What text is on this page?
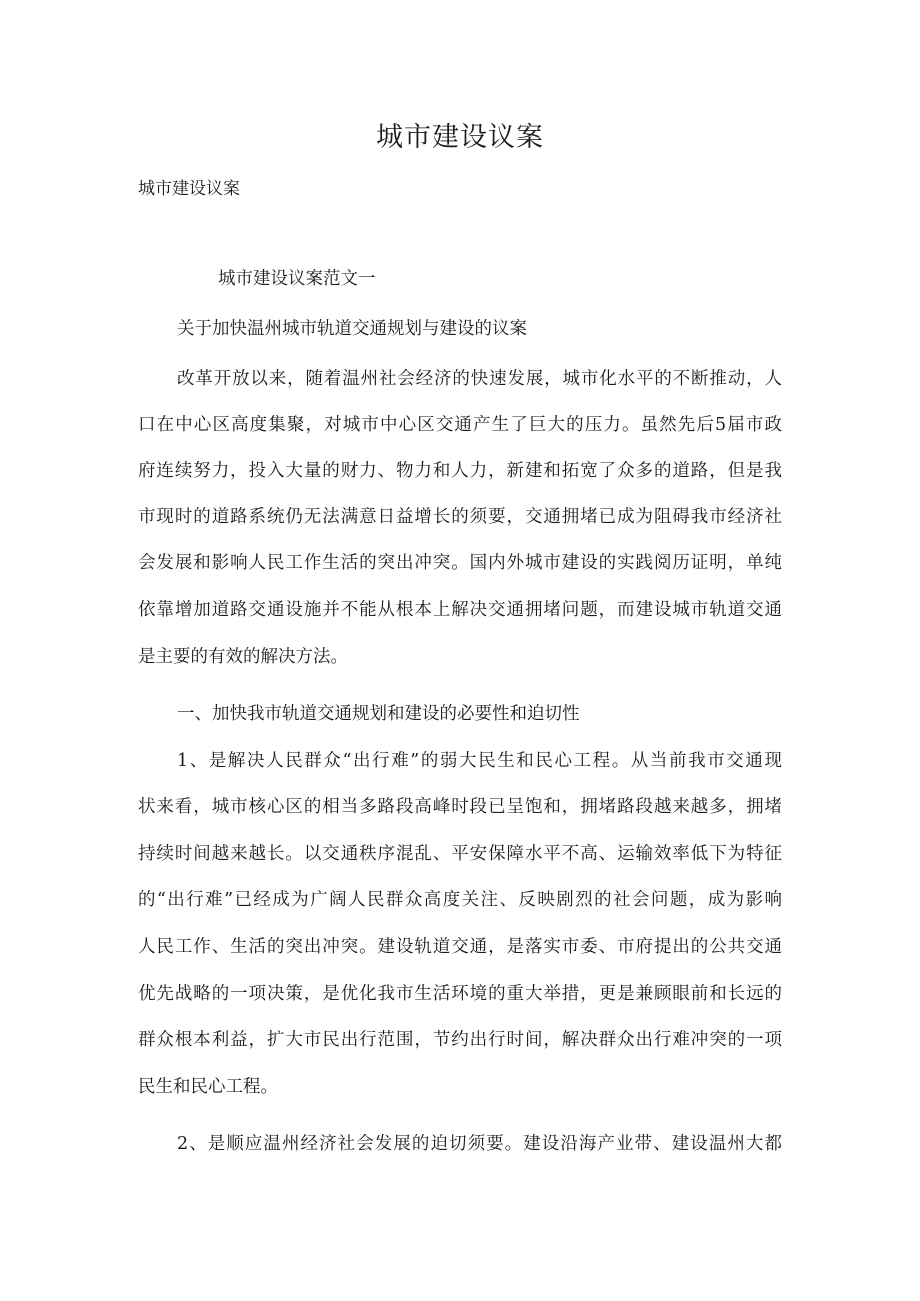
城市建设议案
城市建设议案
城市建设议案范文一
关于加快温州城市轨道交通规划与建设的议案
改革开放以来，随着温州社会经济的快速发展，城市化水平的不断推动，人
口在中心区高度集聚，对城市中心区交通产生了巨大的压力。虽然先后5届市政
府连续努力，投入大量的财力、物力和人力，新建和拓宽了众多的道路，但是我
市现时的道路系统仍无法满意日益增长的须要，交通拥堵已成为阻碍我市经济社
会发展和影响人民工作生活的突出冲突。国内外城市建设的实践阅历证明，单纯
依靠增加道路交通设施并不能从根本上解决交通拥堵问题，而建设城市轨道交通
是主要的有效的解决方法。
一、加快我市轨道交通规划和建设的必要性和迫切性
1、是解决人民群众“出行难”的弱大民生和民心工程。从当前我市交通现
状来看，城市核心区的相当多路段高峰时段已呈饱和，拥堵路段越来越多，拥堵
持续时间越来越长。以交通秩序混乱、平安保障水平不高、运输效率低下为特征
的“出行难”已经成为广阔人民群众高度关注、反映剧烈的社会问题，成为影响
人民工作、生活的突出冲突。建设轨道交通，是落实市委、市府提出的公共交通
优先战略的一项决策，是优化我市生活环境的重大举措，更是兼顾眼前和长远的
群众根本利益，扩大市民出行范围，节约出行时间，解决群众出行难冲突的一项
民生和民心工程。
2、是顺应温州经济社会发展的迫切须要。建设沿海产业带、建设温州大都
